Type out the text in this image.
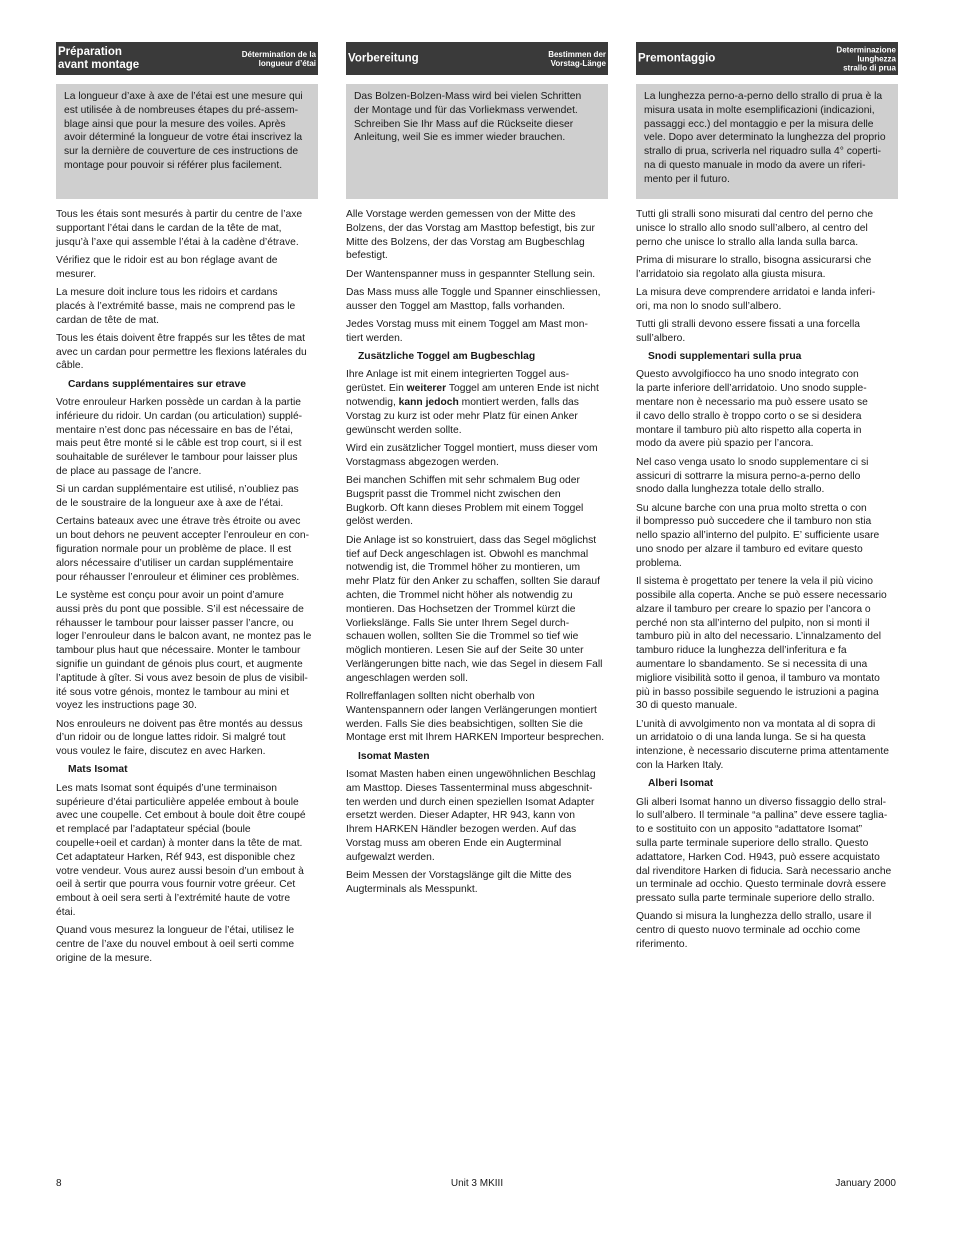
Préparation
avant montage
Détermination de la
longueur d’étai
La longueur d’axe à axe de l’étai est une mesure qui
est utilisée à de nombreuses étapes du pré-assem-
blage ainsi que pour la mesure des voiles. Après
avoir déterminé la longueur de votre étai inscrivez la
sur la dernière de couverture de ces instructions de
montage pour pouvoir si référer plus facilement.

Tous les étais sont mesurés à partir du centre de l’axe
supportant l’étai dans le cardan de la tête de mat,
jusqu’à l’axe qui assemble l’étai à la cadène d’étrave.

Vérifiez que le ridoir est au bon réglage avant de
mesurer.

La mesure doit inclure tous les ridoirs et cardans
placés à l’extrémité basse, mais ne comprend pas le
cardan de tête de mat.

Tous les étais doivent être frappés sur les têtes de mat
avec un cardan pour permettre les flexions latérales du
câble.

Cardans supplémentaires sur etrave

Votre enrouleur Harken possède un cardan à la partie
inférieure du ridoir. Un cardan (ou articulation) supplé-
mentaire n’est donc pas nécessaire en bas de l’étai,
mais peut être monté si le câble est trop court, si il est
souhaitable de surélever le tambour pour laisser plus
de place au passage de l’ancre.

Si un cardan supplémentaire est utilisé, n’oubliez pas
de le soustraire de la longueur axe à axe de l’étai.

Certains bateaux avec une étrave très étroite ou avec
un bout dehors ne peuvent accepter l’enrouleur en con-
figuration normale pour un problème de place. Il est
alors nécessaire d’utiliser un cardan supplémentaire
pour réhausser l’enrouleur et éliminer ces problèmes.

Le système est conçu pour avoir un point d’amure
aussi près du pont que possible. S’il est nécessaire de
réhausser le tambour pour laisser passer l’ancre, ou
loger l’enrouleur dans le balcon avant, ne montez pas le
tambour plus haut que nécessaire. Monter le tambour
signifie un guindant de génois plus court, et augmente
l’aptitude à gîter. Si vous avez besoin de plus de visibil-
ité sous votre génois, montez le tambour au mini et
voyez les instructions page 30.

Nos enrouleurs ne doivent pas être montés au dessus
d’un ridoir ou de longue lattes ridoir. Si malgré tout
vous voulez le faire, discutez en avec Harken.

Mats Isomat

Les mats Isomat sont équipés d’une terminaison
supérieure d’étai particulière appelée embout à boule
avec une coupelle. Cet embout à boule doit être coupé
et remplacé par l’adaptateur spécial (boule
coupelle+oeil et cardan) à monter dans la tête de mat.
Cet adaptateur Harken, Réf 943, est disponible chez
votre vendeur. Vous aurez aussi besoin d’un embout à
oeil à sertir que pourra vous fournir votre gréeur. Cet
embout à oeil sera serti à l’extrémité haute de votre
étai.

Quand vous mesurez la longueur de l’étai, utilisez le
centre de l’axe du nouvel embout à oeil serti comme
origine de la mesure.

Vorbereitung	Bestimmen der
Vorstag-Länge
Das Bolzen-Bolzen-Mass wird bei vielen Schritten
der Montage und für das Vorliekmass verwendet.
Schreiben Sie Ihr Mass auf die Rückseite dieser
Anleitung, weil Sie es immer wieder brauchen.

Alle Vorstage werden gemessen von der Mitte des
Bolzens, der das Vorstag am Masttop befestigt, bis zur
Mitte des Bolzens, der das Vorstag am Bugbeschlag
befestigt.

Der Wantenspanner muss in gespannter Stellung sein.

Das Mass muss alle Toggle und Spanner einschliessen,
ausser den Toggel am Masttop, falls vorhanden.

Jedes Vorstag muss mit einem Toggel am Mast mon-
tiert werden.

Zusätzliche Toggel am Bugbeschlag

Ihre Anlage ist mit einem integrierten Toggel aus-
gerüstet. Ein weiterer Toggel am unteren Ende ist nicht
notwendig, kann jedoch montiert werden, falls das
Vorstag zu kurz ist oder mehr Platz für einen Anker
gewünscht werden sollte.

Wird ein zusätzlicher Toggel montiert, muss dieser vom
Vorstagmass abgezogen werden.

Bei manchen Schiffen mit sehr schmalem Bug oder
Bugsprit passt die Trommel nicht zwischen den
Bugkorb. Oft kann dieses Problem mit einem Toggel
gelöst werden.

Die Anlage ist so konstruiert, dass das Segel möglichst
tief auf Deck angeschlagen ist. Obwohl es manchmal
notwendig ist, die Trommel höher zu montieren, um
mehr Platz für den Anker zu schaffen, sollten Sie darauf
achten, die Trommel nicht höher als notwendig zu
montieren. Das Hochsetzen der Trommel kürzt die
Vorliekslänge. Falls Sie unter Ihrem Segel durch-
schauen wollen, sollten Sie die Trommel so tief wie
möglich montieren. Lesen Sie auf der Seite 30 unter
Verlängerungen bitte nach, wie das Segel in diesem Fall
angeschlagen werden soll.

Rollreffanlagen sollten nicht oberhalb von
Wantenspannern oder langen Verlängerungen montiert
werden. Falls Sie dies beabsichtigen, sollten Sie die
Montage erst mit Ihrem HARKEN Importeur besprechen.

Isomat Masten

Isomat Masten haben einen ungewöhnlichen Beschlag
am Masttop. Dieses Tassenterminal muss abgeschnit-
ten werden und durch einen speziellen Isomat Adapter
ersetzt werden. Dieser Adapter, HR 943, kann von
Ihrem HARKEN Händler bezogen werden. Auf das
Vorstag muss am oberen Ende ein Augterminal
aufgewalzt werden.

Beim Messen der Vorstagslänge gilt die Mitte des
Augterminals als Messpunkt.

Premontaggio
Determinazione
lunghezza
strallo di prua
La lunghezza perno-a-perno dello strallo di prua è la
misura usata in molte esemplificazioni (indicazioni,
passaggi ecc.) del montaggio e per la misura delle
vele. Dopo aver determinato la lunghezza del proprio
strallo di prua, scriverla nel riquadro sulla 4° coperti-
na di questo manuale in modo da avere un riferi-
mento per il futuro.

Tutti gli stralli sono misurati dal centro del perno che
unisce lo strallo allo snodo sull’albero, al centro del
perno che unisce lo strallo alla landa sulla barca.

Prima di misurare lo strallo, bisogna assicurarsi che
l’arridatoio sia regolato alla giusta misura.

La misura deve comprendere arridatoi e landa inferi-
ori, ma non lo snodo sull’albero.

Tutti gli stralli devono essere fissati a una forcella
sull’albero.

Snodi supplementari sulla prua

Questo avvolgifiocco ha uno snodo integrato con
la parte inferiore dell’arridatoio. Uno snodo supple-
mentare non è necessario ma può essere usato se
il cavo dello strallo è troppo corto o se si desidera
montare il tamburo più alto rispetto alla coperta in
modo da avere più spazio per l’ancora.

Nel caso venga usato lo snodo supplementare ci si
assicuri di sottrarre la misura perno-a-perno dello
snodo dalla lunghezza totale dello strallo.

Su alcune barche con una prua molto stretta o con
il bompresso può succedere che il tamburo non stia
nello spazio all’interno del pulpito. E’ sufficiente usare
uno snodo per alzare il tamburo ed evitare questo
problema.

Il sistema è progettato per tenere la vela il più vicino
possibile alla coperta. Anche se può essere necessario
alzare il tamburo per creare lo spazio per l’ancora o
perché non sta all’interno del pulpito, non si monti il
tamburo più in alto del necessario. L’innalzamento del
tamburo riduce la lunghezza dell’inferitura e fa
aumentare lo sbandamento. Se si necessita di una
migliore visibilità sotto il genoa, il tamburo va montato
più in basso possibile seguendo le istruzioni a pagina
30 di questo manuale.

L’unità di avvolgimento non va montata al di sopra di
un arridatoio o di una landa lunga. Se si ha questa
intenzione, è necessario discuterne prima attentamente
con la Harken Italy.

Alberi Isomat

Gli alberi Isomat hanno un diverso fissaggio dello stral-
lo sull’albero. Il terminale “a pallina” deve essere taglia-
to e sostituito con un apposito “adattatore Isomat”
sulla parte terminale superiore dello strallo. Questo
adattatore, Harken Cod. H943, può essere acquistato
dal rivenditore Harken di fiducia. Sarà necessario anche
un terminale ad occhio. Questo terminale dovrà essere
pressato sulla parte terminale superiore dello strallo.

Quando si misura la lunghezza dello strallo, usare il
centro di questo nuovo terminale ad occhio come
riferimento.

8	Unit 3 MKIII	January 2000
